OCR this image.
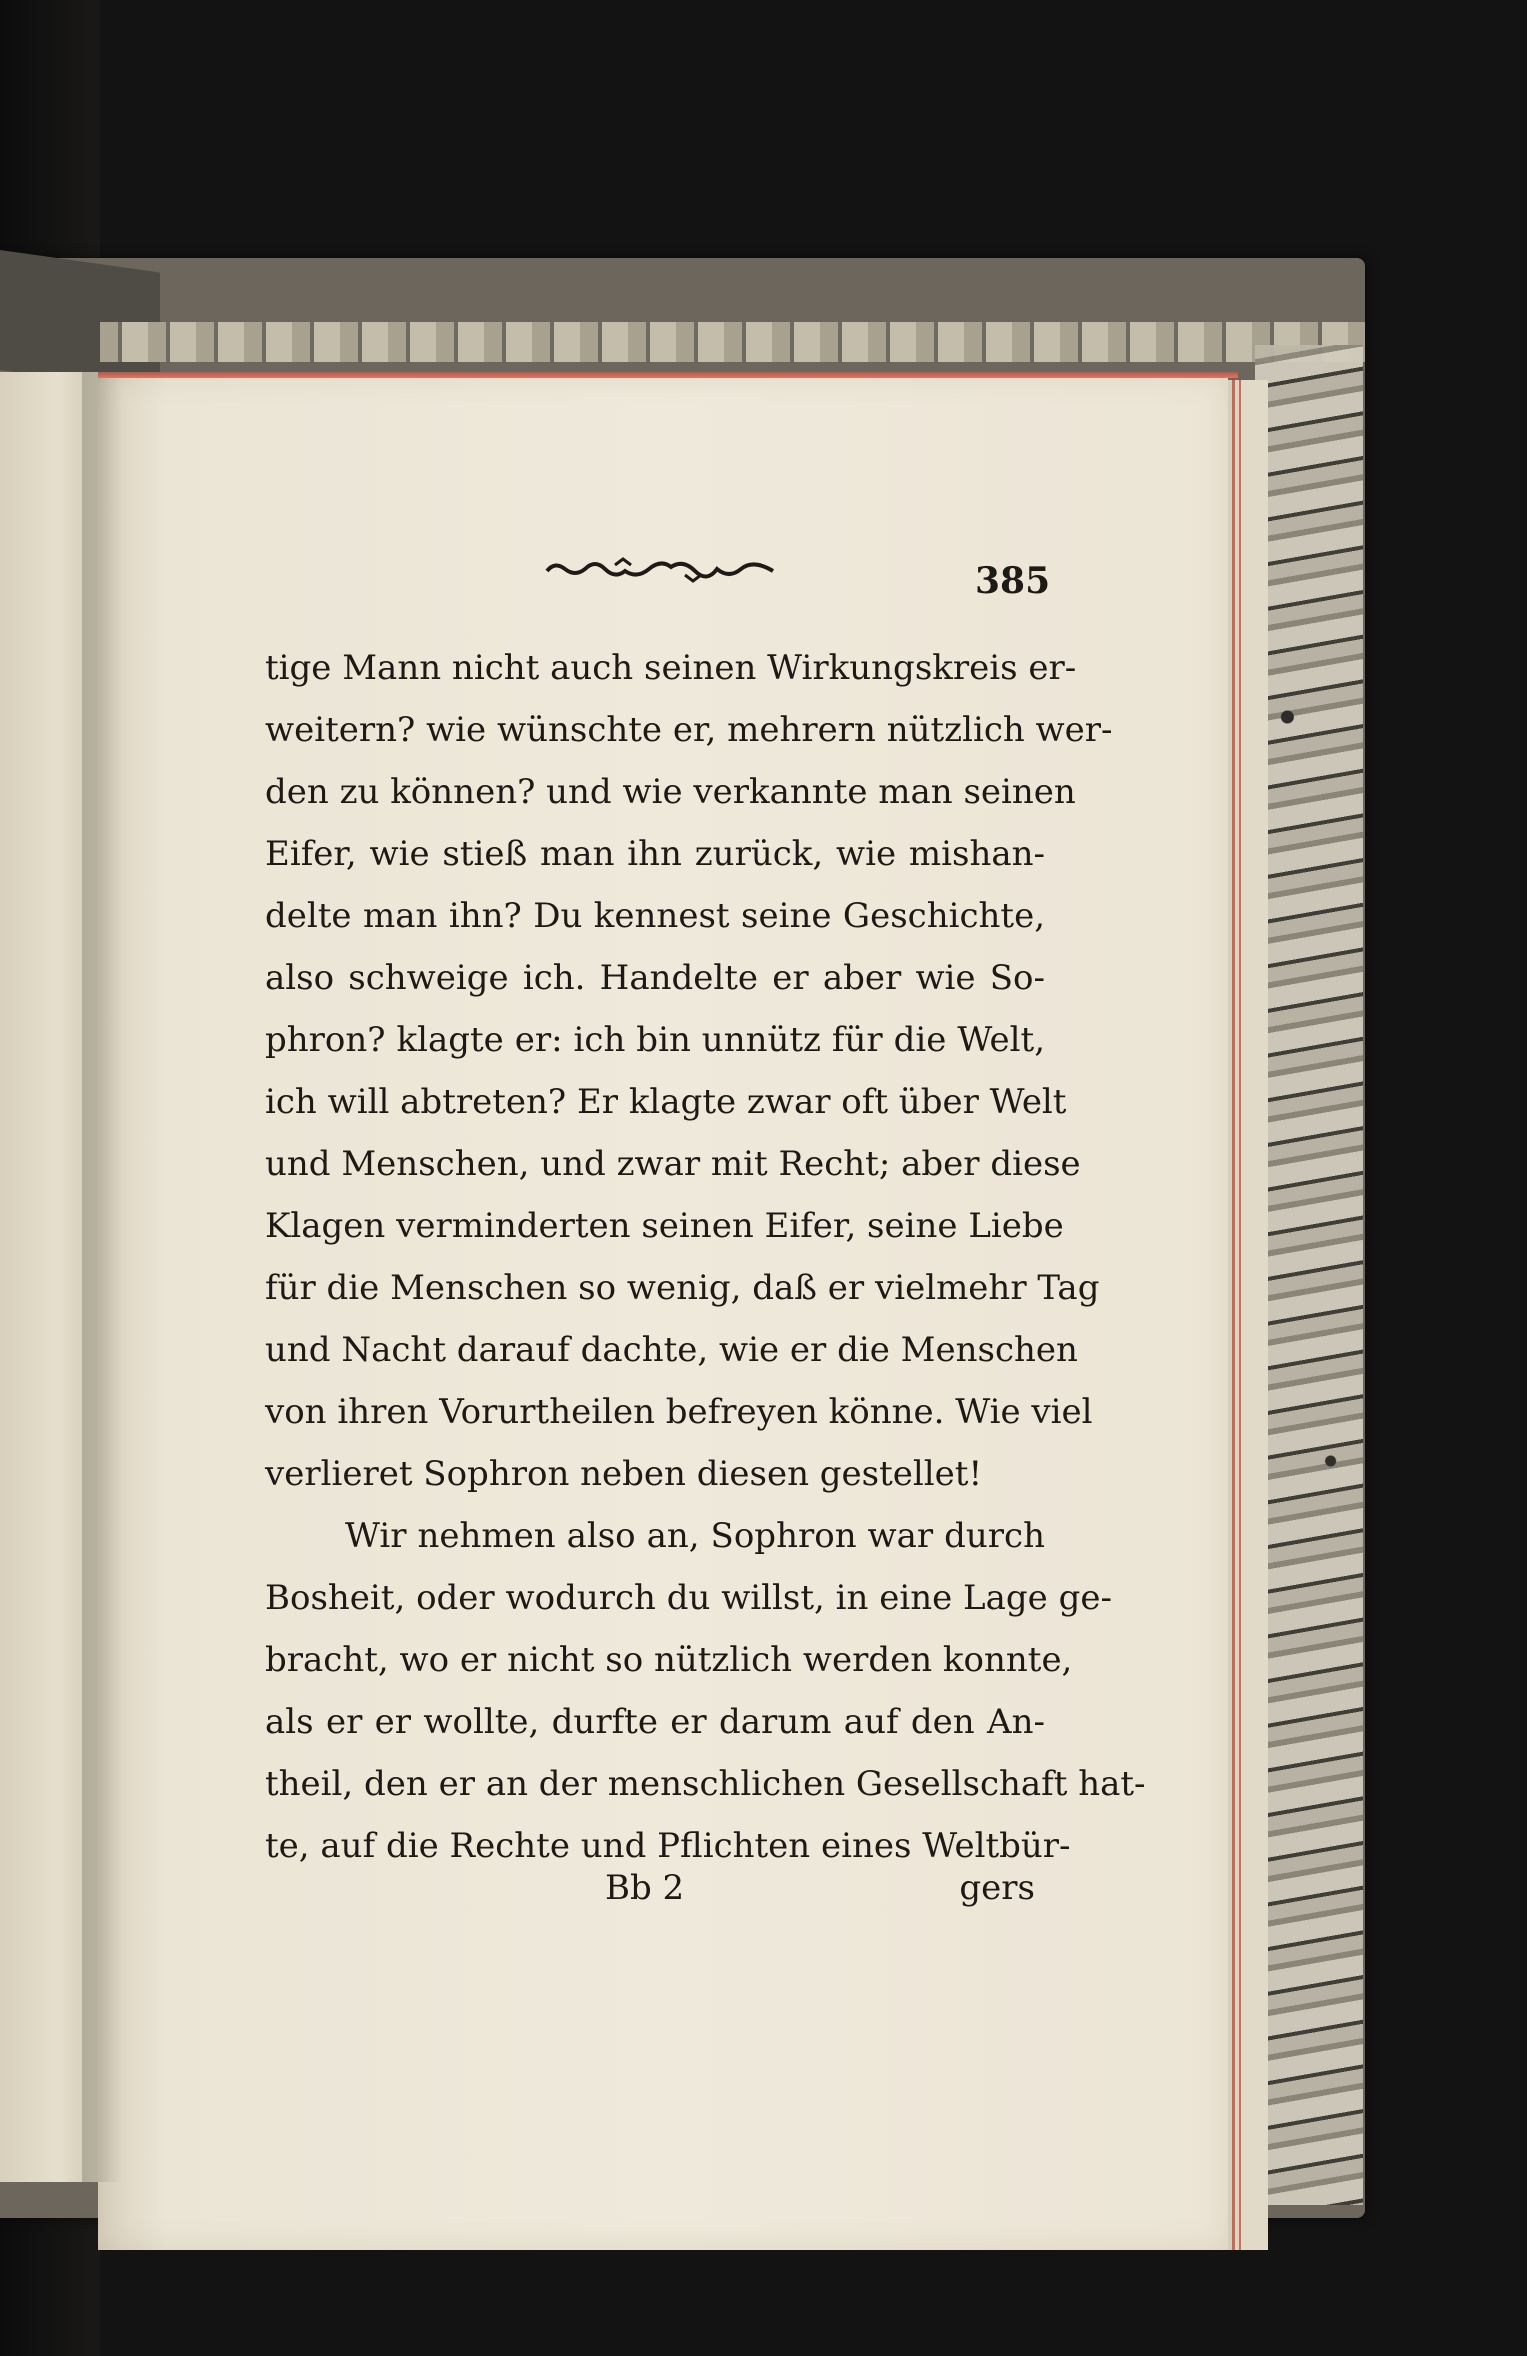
385
tige Mann nicht auch seinen Wirkungskreis er-
weitern? wie wünschte er, mehrern nützlich wer-
den zu können? und wie verkannte man seinen
Eifer, wie stieß man ihn zurück, wie mishan-
delte man ihn? Du kennest seine Geschichte,
also schweige ich. Handelte er aber wie So-
phron? klagte er: ich bin unnütz für die Welt,
ich will abtreten? Er klagte zwar oft über Welt
und Menschen, und zwar mit Recht; aber diese
Klagen verminderten seinen Eifer, seine Liebe
für die Menschen so wenig, daß er vielmehr Tag
und Nacht darauf dachte, wie er die Menschen
von ihren Vorurtheilen befreyen könne. Wie viel
verlieret Sophron neben diesen gestellet!
Wir nehmen also an, Sophron war durch
Bosheit, oder wodurch du willst, in eine Lage ge-
bracht, wo er nicht so nützlich werden konnte,
als er er wollte, durfte er darum auf den An-
theil, den er an der menschlichen Gesellschaft hat-
te, auf die Rechte und Pflichten eines Weltbür-
Bb 2	gers
